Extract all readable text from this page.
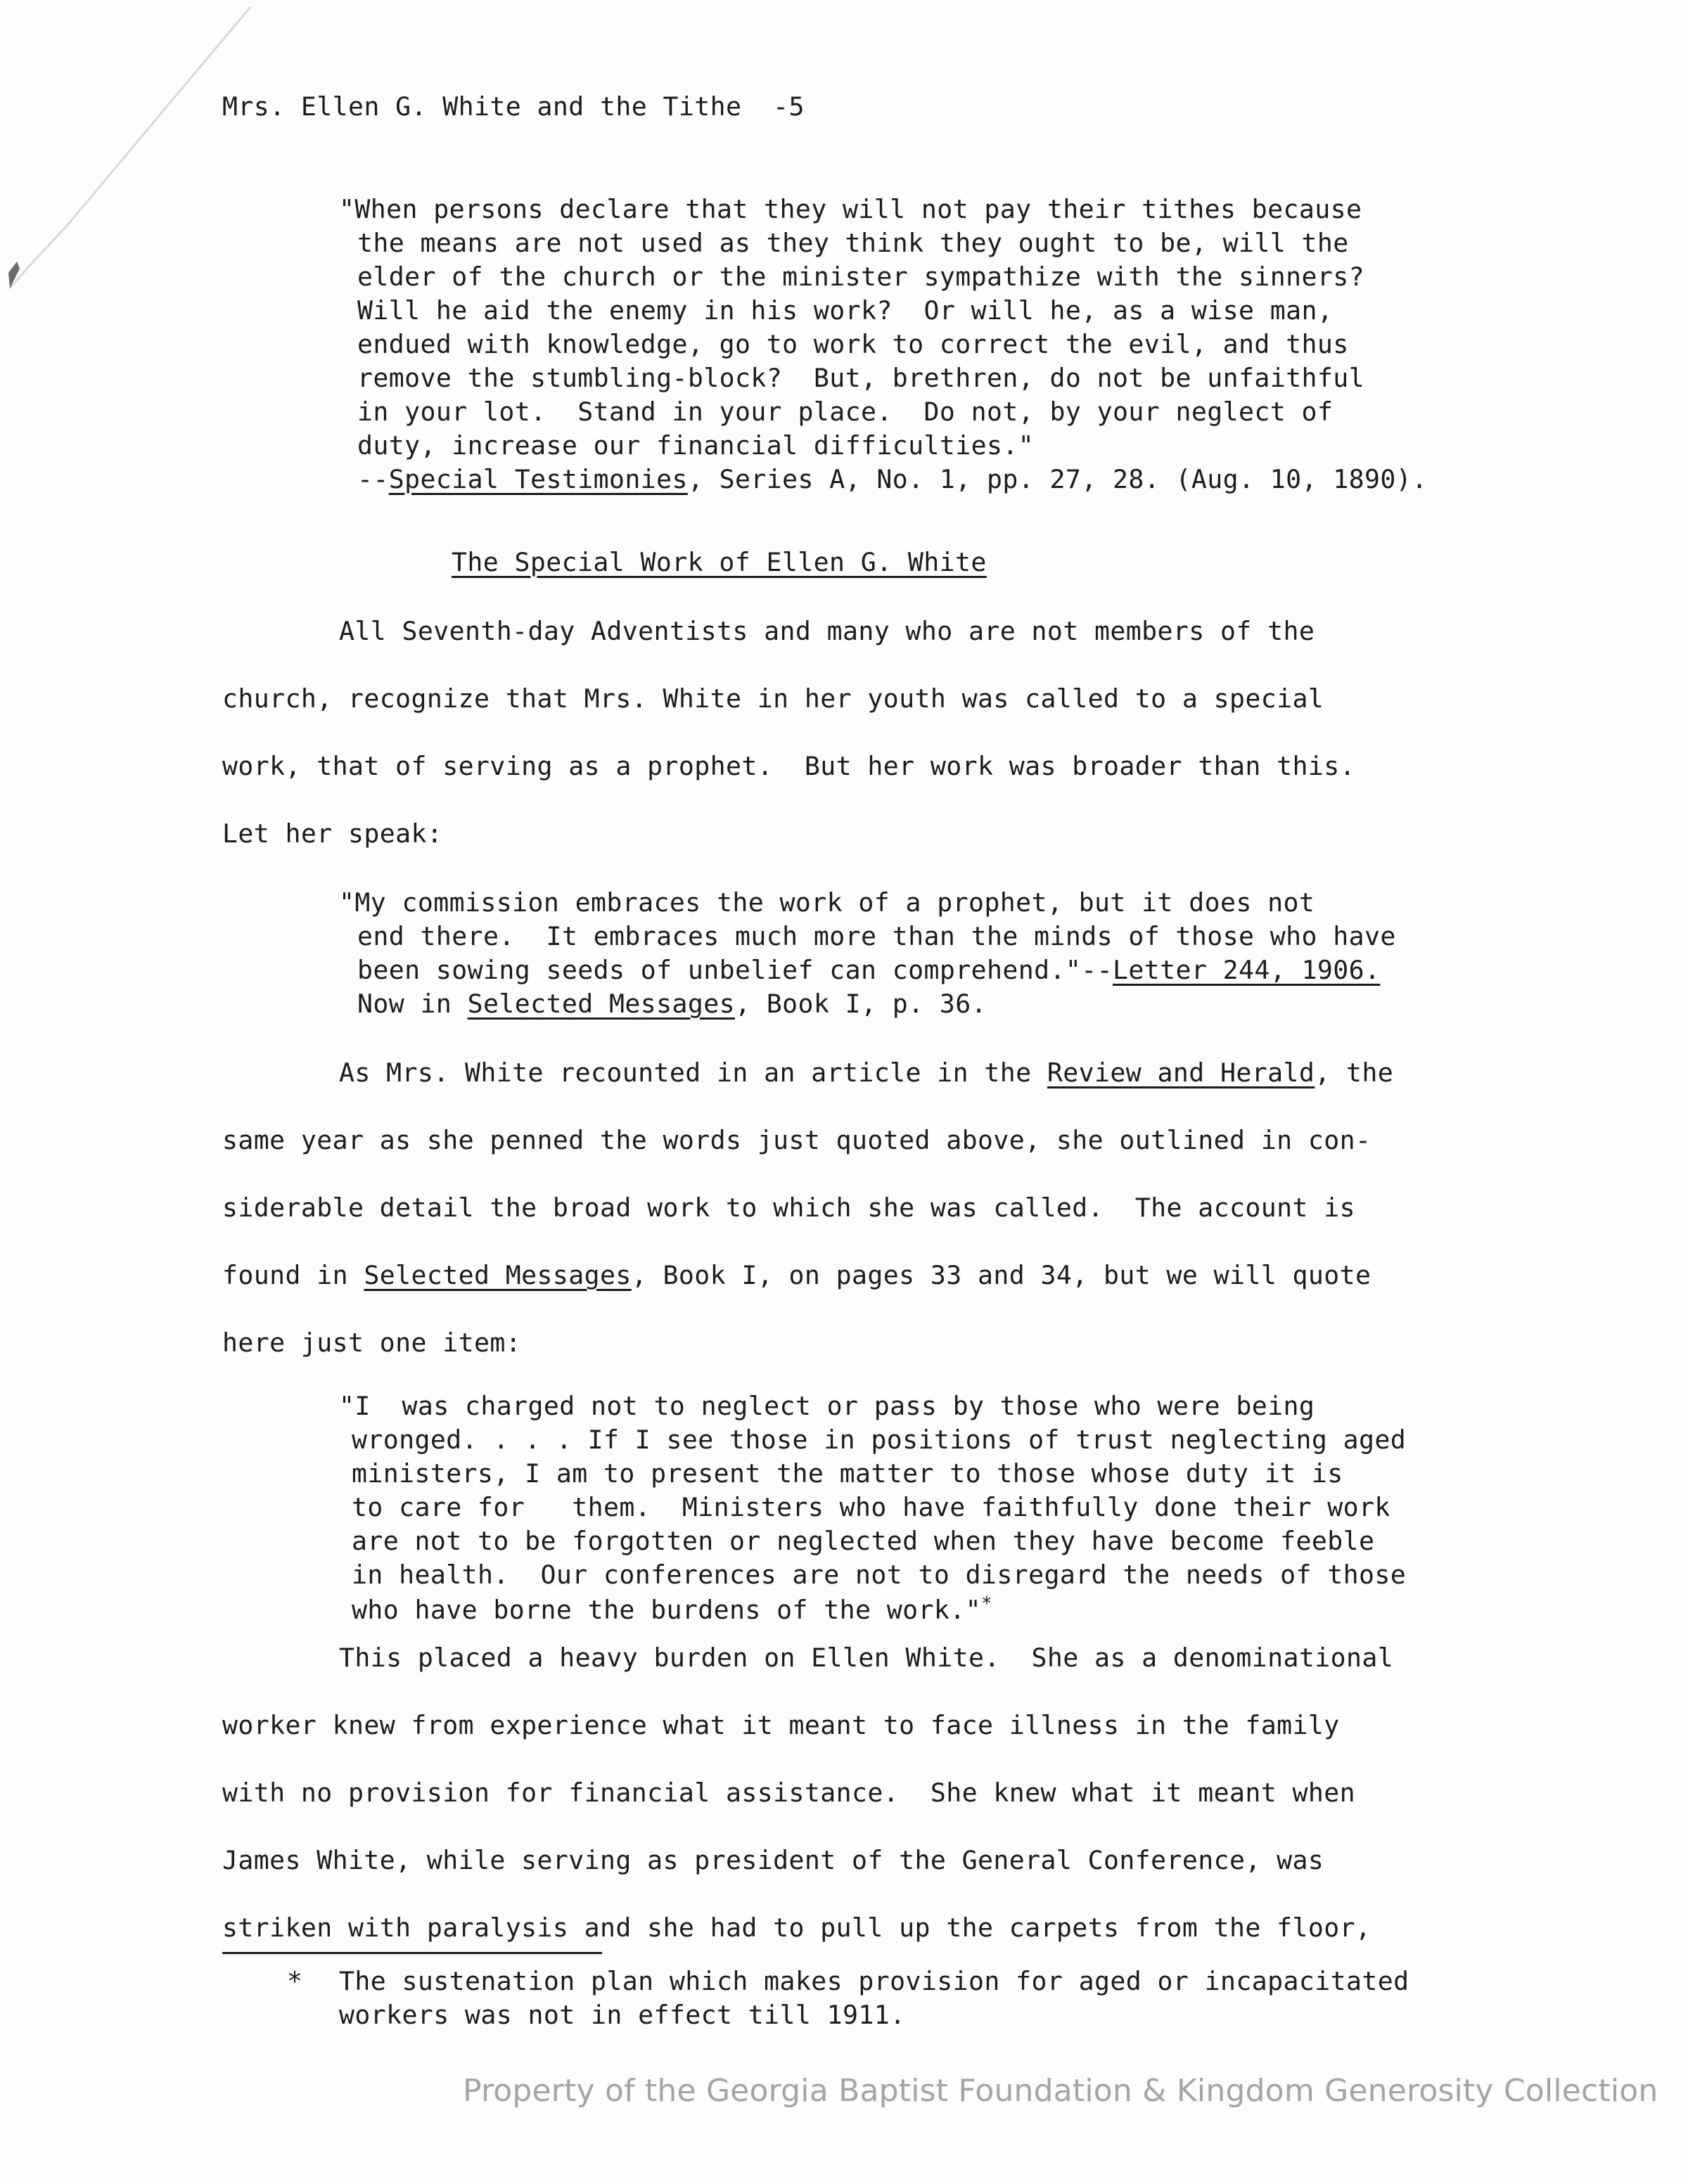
Mrs. Ellen G. White and the Tithe  -5
"When persons declare that they will not pay their tithes because
the means are not used as they think they ought to be, will the
elder of the church or the minister sympathize with the sinners?
Will he aid the enemy in his work?  Or will he, as a wise man,
endued with knowledge, go to work to correct the evil, and thus
remove the stumbling-block?  But, brethren, do not be unfaithful
in your lot.  Stand in your place.  Do not, by your neglect of
duty, increase our financial difficulties."
--Special Testimonies, Series A, No. 1, pp. 27, 28. (Aug. 10, 1890).
The Special Work of Ellen G. White
All Seventh-day Adventists and many who are not members of the
church, recognize that Mrs. White in her youth was called to a special
work, that of serving as a prophet.  But her work was broader than this.
Let her speak:
"My commission embraces the work of a prophet, but it does not
end there.  It embraces much more than the minds of those who have
been sowing seeds of unbelief can comprehend."--Letter 244, 1906.
Now in Selected Messages, Book I, p. 36.
As Mrs. White recounted in an article in the Review and Herald, the
same year as she penned the words just quoted above, she outlined in con-
siderable detail the broad work to which she was called.  The account is
found in Selected Messages, Book I, on pages 33 and 34, but we will quote
here just one item:
"I  was charged not to neglect or pass by those who were being
wronged. . . . If I see those in positions of trust neglecting aged
ministers, I am to present the matter to those whose duty it is
to care for   them.  Ministers who have faithfully done their work
are not to be forgotten or neglected when they have become feeble
in health.  Our conferences are not to disregard the needs of those
who have borne the burdens of the work."*
This placed a heavy burden on Ellen White.  She as a denominational
worker knew from experience what it meant to face illness in the family
with no provision for financial assistance.  She knew what it meant when
James White, while serving as president of the General Conference, was
striken with paralysis and she had to pull up the carpets from the floor,
* The sustenation plan which makes provision for aged or incapacitated
workers was not in effect till 1911.
Property of the Georgia Baptist Foundation & Kingdom Generosity Collection
